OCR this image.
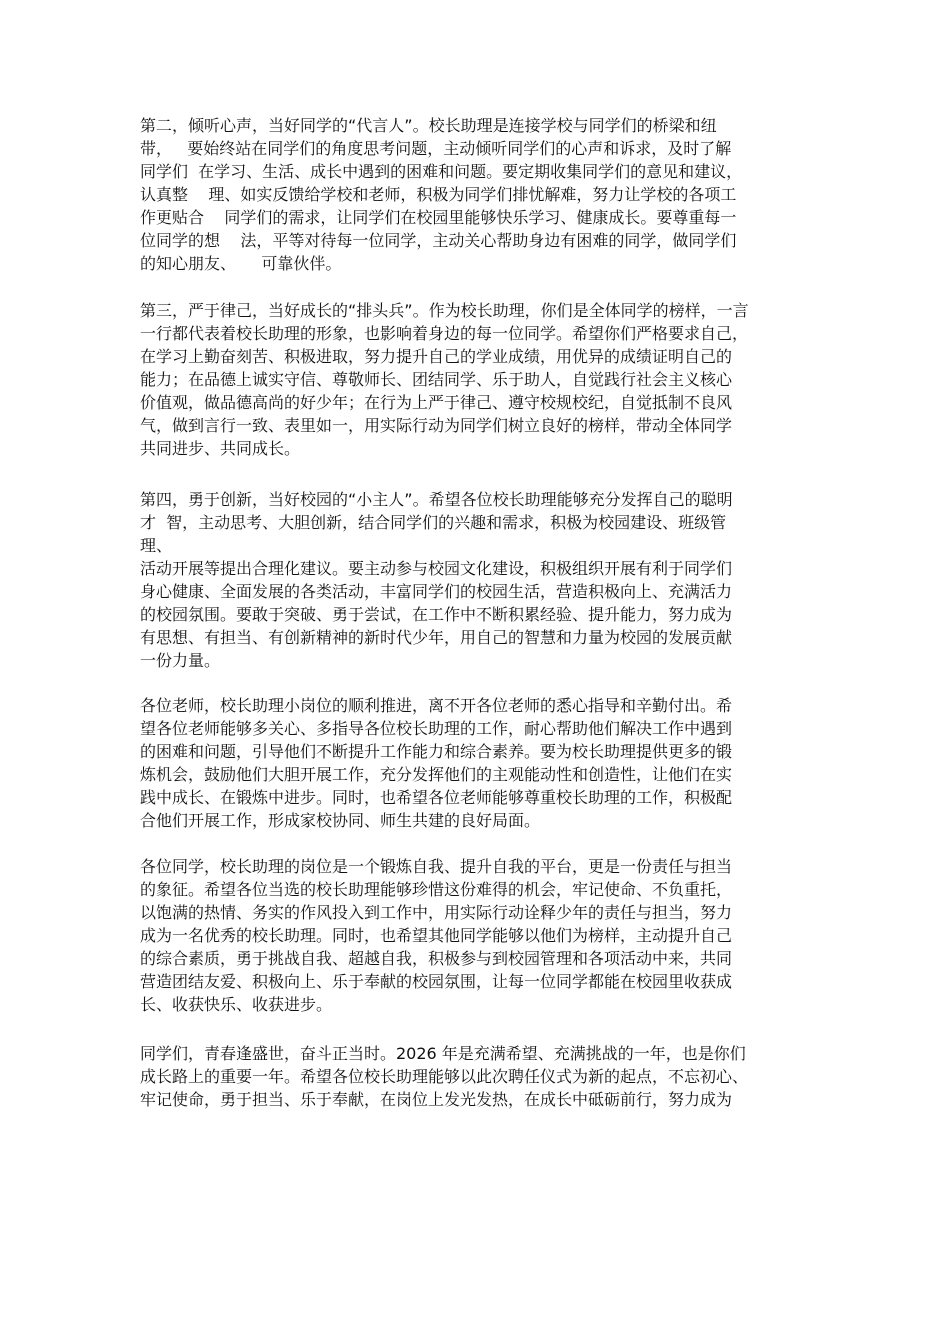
第二，倾听心声，当好同学的“代言人”。校长助理是连接学校与同学们的桥梁和纽
带，   要始终站在同学们的角度思考问题，主动倾听同学们的心声和诉求，及时了解
同学们  在学习、生活、成长中遇到的困难和问题。要定期收集同学们的意见和建议，
认真整    理、如实反馈给学校和老师，积极为同学们排忧解难，努力让学校的各项工
作更贴合    同学们的需求，让同学们在校园里能够快乐学习、健康成长。要尊重每一
位同学的想    法，平等对待每一位同学，主动关心帮助身边有困难的同学，做同学们
的知心朋友、     可靠伙伴。
第三，严于律己，当好成长的“排头兵”。作为校长助理，你们是全体同学的榜样，一言
一行都代表着校长助理的形象，也影响着身边的每一位同学。希望你们严格要求自己，
在学习上勤奋刻苦、积极进取，努力提升自己的学业成绩，用优异的成绩证明自己的
能力；在品德上诚实守信、尊敬师长、团结同学、乐于助人，自觉践行社会主义核心
价值观，做品德高尚的好少年；在行为上严于律己、遵守校规校纪，自觉抵制不良风
气，做到言行一致、表里如一，用实际行动为同学们树立良好的榜样，带动全体同学
共同进步、共同成长。
第四，勇于创新，当好校园的“小主人”。希望各位校长助理能够充分发挥自己的聪明
才  智，主动思考、大胆创新，结合同学们的兴趣和需求，积极为校园建设、班级管
理、
活动开展等提出合理化建议。要主动参与校园文化建设，积极组织开展有利于同学们
身心健康、全面发展的各类活动，丰富同学们的校园生活，营造积极向上、充满活力
的校园氛围。要敢于突破、勇于尝试，在工作中不断积累经验、提升能力，努力成为
有思想、有担当、有创新精神的新时代少年，用自己的智慧和力量为校园的发展贡献
一份力量。
各位老师，校长助理小岗位的顺利推进，离不开各位老师的悉心指导和辛勤付出。希
望各位老师能够多关心、多指导各位校长助理的工作，耐心帮助他们解决工作中遇到
的困难和问题，引导他们不断提升工作能力和综合素养。要为校长助理提供更多的锻
炼机会，鼓励他们大胆开展工作，充分发挥他们的主观能动性和创造性，让他们在实
践中成长、在锻炼中进步。同时，也希望各位老师能够尊重校长助理的工作，积极配
合他们开展工作，形成家校协同、师生共建的良好局面。
各位同学，校长助理的岗位是一个锻炼自我、提升自我的平台，更是一份责任与担当
的象征。希望各位当选的校长助理能够珍惜这份难得的机会，牢记使命、不负重托，
以饱满的热情、务实的作风投入到工作中，用实际行动诠释少年的责任与担当，努力
成为一名优秀的校长助理。同时，也希望其他同学能够以他们为榜样，主动提升自己
的综合素质，勇于挑战自我、超越自我，积极参与到校园管理和各项活动中来，共同
营造团结友爱、积极向上、乐于奉献的校园氛围，让每一位同学都能在校园里收获成
长、收获快乐、收获进步。
同学们，青春逢盛世，奋斗正当时。2026 年是充满希望、充满挑战的一年，也是你们
成长路上的重要一年。希望各位校长助理能够以此次聘任仪式为新的起点，不忘初心、
牢记使命，勇于担当、乐于奉献，在岗位上发光发热，在成长中砥砺前行，努力成为
